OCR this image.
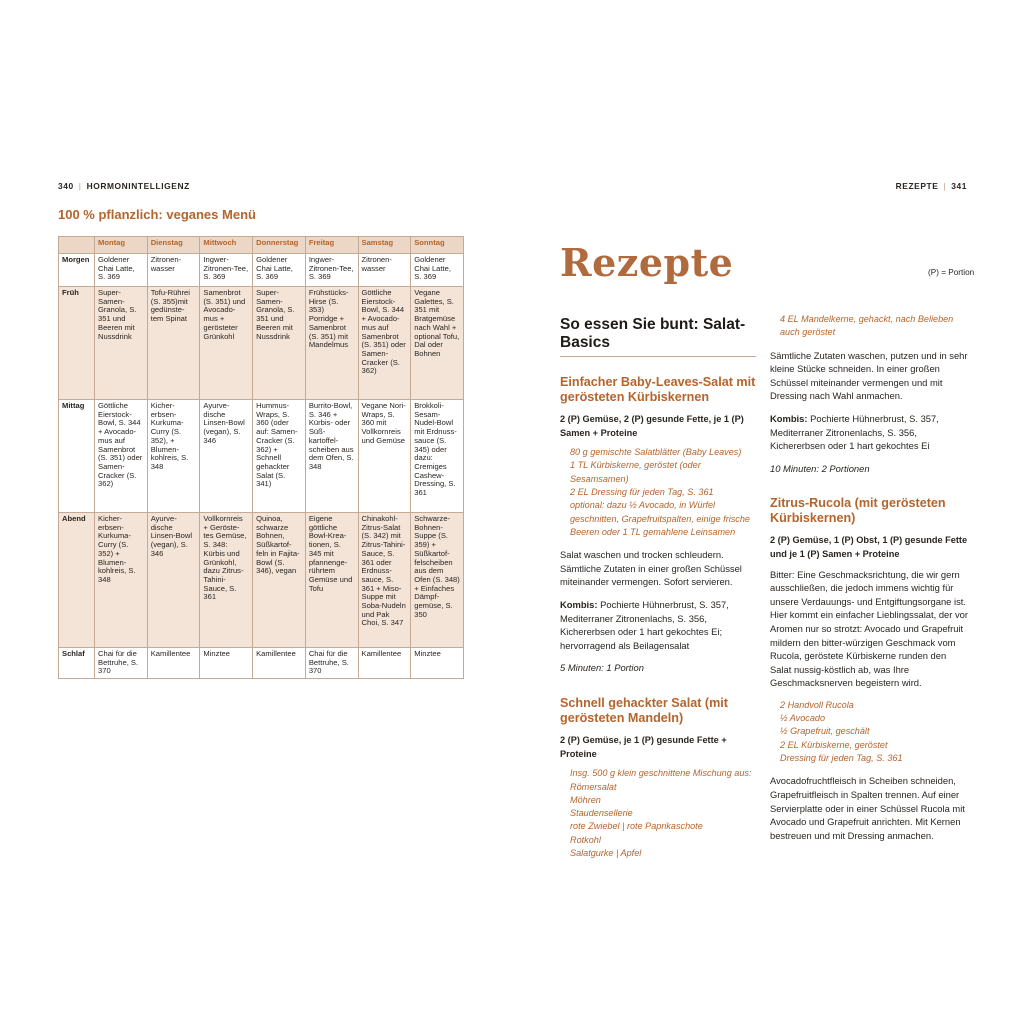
340 | HORMONINTELLIGENZ
100 % pflanzlich: veganes Menü
	Montag	Dienstag	Mittwoch	Donnerstag	Freitag	Samstag	Sonntag
Morgen	Goldener Chai Latte, S. 369	Zitronen-wasser	Ingwer-Zitronen-Tee, S. 369	Goldener Chai Latte, S. 369	Ingwer-Zitronen-Tee, S. 369	Zitronen-wasser	Goldener Chai Latte, S. 369
Früh	Super-Samen-Granola, S. 351 und Beeren mit Nussdrink	Tofu-Rührei (S. 355)mit gedünste-tem Spinat	Samenbrot (S. 351) und Avocado-mus + gerösteter Grünkohl	Super-Samen-Granola, S. 351 und Beeren mit Nussdrink	Frühstücks-Hirse (S. 353) Porridge + Samenbrot (S. 351) mit Mandelmus	Göttliche Eierstock-Bowl, S. 344 + Avocado-mus auf Samenbrot (S. 351) oder Samen-Cracker (S. 362)	Vegane Galettes, S. 351 mit Bratgemüse nach Wahl + optional Tofu, Dal oder Bohnen
Mittag	Göttliche Eierstock-Bowl, S. 344 + Avocado-mus auf Samenbrot (S. 351) oder Samen-Cracker (S. 362)	Kicher-erbsen-Kurkuma-Curry (S. 352), + Blumen-kohlreis, S. 348	Ayurve-dische Linsen-Bowl (vegan), S. 346	Hummus-Wraps, S. 360 (oder auf: Samen-Cracker (S. 362) + Schnell gehackter Salat (S. 341)	Burrito-Bowl, S. 346 + Kürbis- oder Süß-kartoffel-scheiben aus dem Ofen, S. 348	Vegane Nori-Wraps, S. 360 mit Vollkornreis und Gemüse	Brokkoli-Sesam-Nudel-Bowl mit Erdnuss-sauce (S. 345) oder dazu: Cremiges Cashew-Dressing, S. 361
Abend	Kicher-erbsen-Kurkuma-Curry (S. 352) + Blumen-kohlreis, S. 348	Ayurve-dische Linsen-Bowl (vegan), S. 346	Vollkornreis + Geröste-tes Gemüse, S. 348: Kürbis und Grünkohl, dazu Zitrus-Tahini-Sauce, S. 361	Quinoa, schwarze Bohnen, Süßkartof-feln in Fajita-Bowl (S. 346), vegan	Eigene göttliche Bowl-Krea-tionen, S. 345 mit pfannenge-rührtem Gemüse und Tofu	Chinakohl-Zitrus-Salat (S. 342) mit Zitrus-Tahini-Sauce, S. 361 oder Erdnuss-sauce, S. 361 + Miso-Suppe mit Soba-Nudeln und Pak Choi, S. 347	Schwarze-Bohnen-Suppe (S. 359) + Süßkartof-felscheiben aus dem Ofen (S. 348) + Einfaches Dämpf-gemüse, S. 350
Schlaf	Chai für die Bettruhe, S. 370	Kamillentee	Minztee	Kamillentee	Chai für die Bettruhe, S. 370	Kamillentee	Minztee
REZEPTE | 341
Rezepte	(P) = Portion
So essen Sie bunt: Salat-Basics
Einfacher Baby-Leaves-Salat mit gerösteten Kürbiskernen
2 (P) Gemüse, 2 (P) gesunde Fette, je 1 (P) Samen + Proteine
80 g gemischte Salatblätter (Baby Leaves)
1 TL Kürbiskerne, geröstet (oder Sesamsamen)
2 EL Dressing für jeden Tag, S. 361
optional: dazu ½ Avocado, in Würfel geschnitten, Grapefruitspalten, einige frische Beeren oder 1 TL gemahlene Leinsamen

Salat waschen und trocken schleudern. Sämtliche Zutaten in einer großen Schüssel miteinander vermengen. Sofort servieren.

Kombis: Pochierte Hühnerbrust, S. 357, Mediterraner Zitronenlachs, S. 356, Kichererbsen oder 1 hart gekochtes Ei; hervorragend als Beilagensalat

5 Minuten: 1 Portion

Schnell gehackter Salat (mit gerösteten Mandeln)
2 (P) Gemüse, je 1 (P) gesunde Fette + Proteine
Insg. 500 g klein geschnittene Mischung aus:
Römersalat
Möhren
Staudensellerie
rote Zwiebel | rote Paprikaschote
Rotkohl
Salatgurke | Apfel
4 EL Mandelkerne, gehackt, nach Belieben auch geröstet

Sämtliche Zutaten waschen, putzen und in sehr kleine Stücke schneiden. In einer großen Schüssel miteinander vermengen und mit Dressing nach Wahl anmachen.

Kombis: Pochierte Hühnerbrust, S. 357, Mediterraner Zitronenlachs, S. 356, Kichererbsen oder 1 hart gekochtes Ei

10 Minuten: 2 Portionen

Zitrus-Rucola (mit gerösteten Kürbiskernen)
2 (P) Gemüse, 1 (P) Obst, 1 (P) gesunde Fette und je 1 (P) Samen + Proteine

Bitter: Eine Geschmacksrichtung, die wir gern ausschließen, die jedoch immens wichtig für unsere Verdauungs- und Entgiftungsorgane ist. Hier kommt ein einfacher Lieblingssalat, der vor Aromen nur so strotzt: Avocado und Grapefruit mildern den bitter-würzigen Geschmack vom Rucola, geröstete Kürbiskerne runden den Salat nussig-köstlich ab, was Ihre Geschmacksnerven begeistern wird.

2 Handvoll Rucola
½ Avocado
½ Grapefruit, geschält
2 EL Kürbiskerne, geröstet
Dressing für jeden Tag, S. 361

Avocadofruchtfleisch in Scheiben schneiden, Grapefruitfleisch in Spalten trennen. Auf einer Servierplatte oder in einer Schüssel Rucola mit Avocado und Grapefruit anrichten. Mit Kernen bestreuen und mit Dressing anmachen.
